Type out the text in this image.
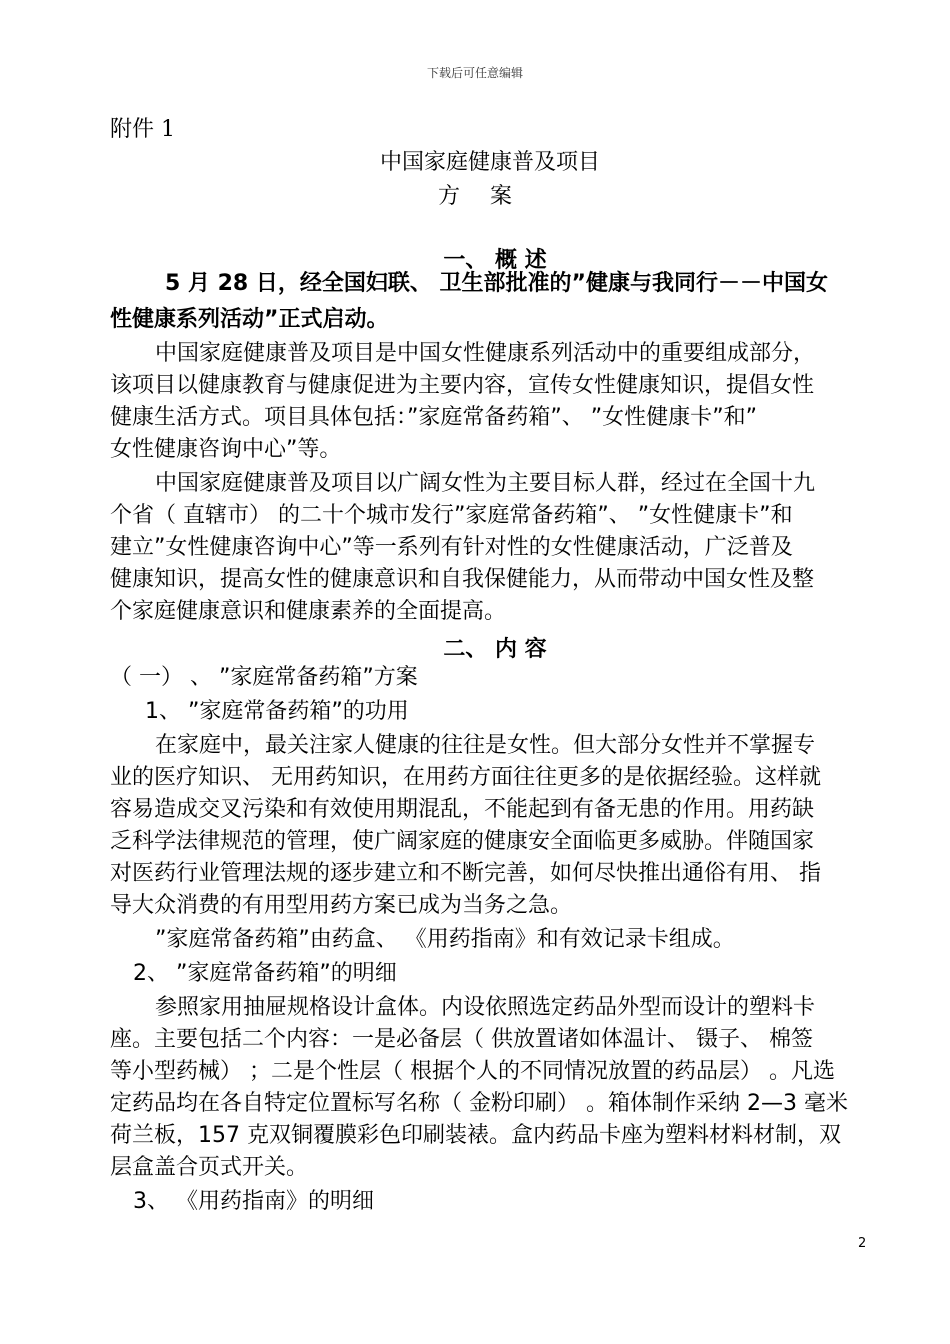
下载后可任意编辑
附件 1
中国家庭健康普及项目
方案
一、 概 述
5 月 28 日，经全国妇联、 卫生部批准的”健康与我同行－－中国女
性健康系列活动”正式启动。
中国家庭健康普及项目是中国女性健康系列活动中的重要组成部分，
该项目以健康教育与健康促进为主要内容，宣传女性健康知识，提倡女性
健康生活方式。项目具体包括：”家庭常备药箱”、 ”女性健康卡”和”
女性健康咨询中心”等。
中国家庭健康普及项目以广阔女性为主要目标人群，经过在全国十九
个省（ 直辖市） 的二十个城市发行”家庭常备药箱”、 ”女性健康卡”和
建立”女性健康咨询中心”等一系列有针对性的女性健康活动，广泛普及
健康知识，提高女性的健康意识和自我保健能力，从而带动中国女性及整
个家庭健康意识和健康素养的全面提高。
二、 内 容
（ 一） 、 ”家庭常备药箱”方案
1、 ”家庭常备药箱”的功用
在家庭中，最关注家人健康的往往是女性。但大部分女性并不掌握专
业的医疗知识、 无用药知识，在用药方面往往更多的是依据经验。这样就
容易造成交叉污染和有效使用期混乱，不能起到有备无患的作用。用药缺
乏科学法律规范的管理，使广阔家庭的健康安全面临更多威胁。伴随国家
对医药行业管理法规的逐步建立和不断完善，如何尽快推出通俗有用、 指
导大众消费的有用型用药方案已成为当务之急。
”家庭常备药箱”由药盒、 《用药指南》和有效记录卡组成。
2、 ”家庭常备药箱”的明细
参照家用抽屉规格设计盒体。内设依照选定药品外型而设计的塑料卡
座。主要包括二个内容：一是必备层（ 供放置诸如体温计、 镊子、 棉签
等小型药械） ；二是个性层（ 根据个人的不同情况放置的药品层） 。凡选
定药品均在各自特定位置标写名称（ 金粉印刷） 。箱体制作采纳 2—3 毫米
荷兰板，157 克双铜覆膜彩色印刷装裱。盒内药品卡座为塑料材料材制，双
层盒盖合页式开关。
3、 《用药指南》的明细
2
